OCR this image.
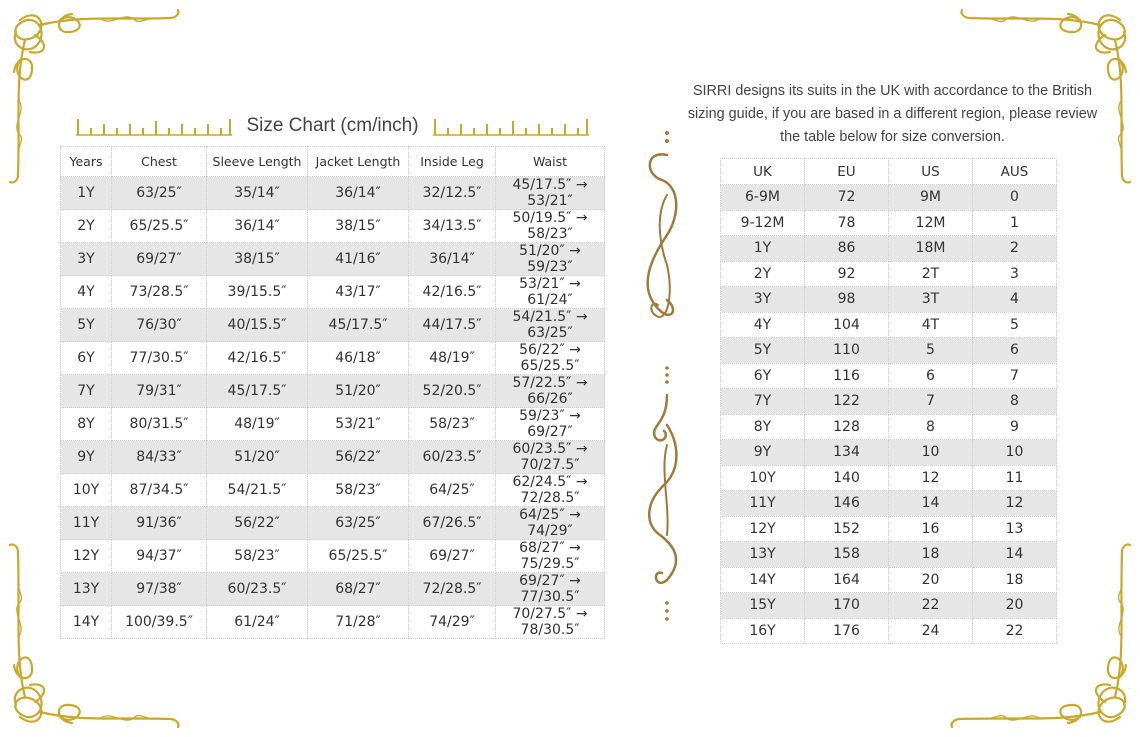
Size Chart (cm/inch)
Years	Chest	Sleeve Length	Jacket Length	Inside Leg	Waist
1Y	63/25″	35/14″	36/14″	32/12.5″	45/17.5″ → 53/21″
2Y	65/25.5″	36/14″	38/15″	34/13.5″	50/19.5″ → 58/23″
3Y	69/27″	38/15″	41/16″	36/14″	51/20″ → 59/23″
4Y	73/28.5″	39/15.5″	43/17″	42/16.5″	53/21″ → 61/24″
5Y	76/30″	40/15.5″	45/17.5″	44/17.5″	54/21.5″ → 63/25″
6Y	77/30.5″	42/16.5″	46/18″	48/19″	56/22″ → 65/25.5″
7Y	79/31″	45/17.5″	51/20″	52/20.5″	57/22.5″ → 66/26″
8Y	80/31.5″	48/19″	53/21″	58/23″	59/23″ → 69/27″
9Y	84/33″	51/20″	56/22″	60/23.5″	60/23.5″ → 70/27.5″
10Y	87/34.5″	54/21.5″	58/23″	64/25″	62/24.5″ → 72/28.5″
11Y	91/36″	56/22″	63/25″	67/26.5″	64/25″ → 74/29″
12Y	94/37″	58/23″	65/25.5″	69/27″	68/27″ → 75/29.5″
13Y	97/38″	60/23.5″	68/27″	72/28.5″	69/27″ → 77/30.5″
14Y	100/39.5″	61/24″	71/28″	74/29″	70/27.5″ → 78/30.5″
SIRRI designs its suits in the UK with accordance to the British sizing guide, if you are based in a different region, please review the table below for size conversion.
UK	EU	US	AUS
6-9M	72	9M	0
9-12M	78	12M	1
1Y	86	18M	2
2Y	92	2T	3
3Y	98	3T	4
4Y	104	4T	5
5Y	110	5	6
6Y	116	6	7
7Y	122	7	8
8Y	128	8	9
9Y	134	10	10
10Y	140	12	11
11Y	146	14	12
12Y	152	16	13
13Y	158	18	14
14Y	164	20	18
15Y	170	22	20
16Y	176	24	22
